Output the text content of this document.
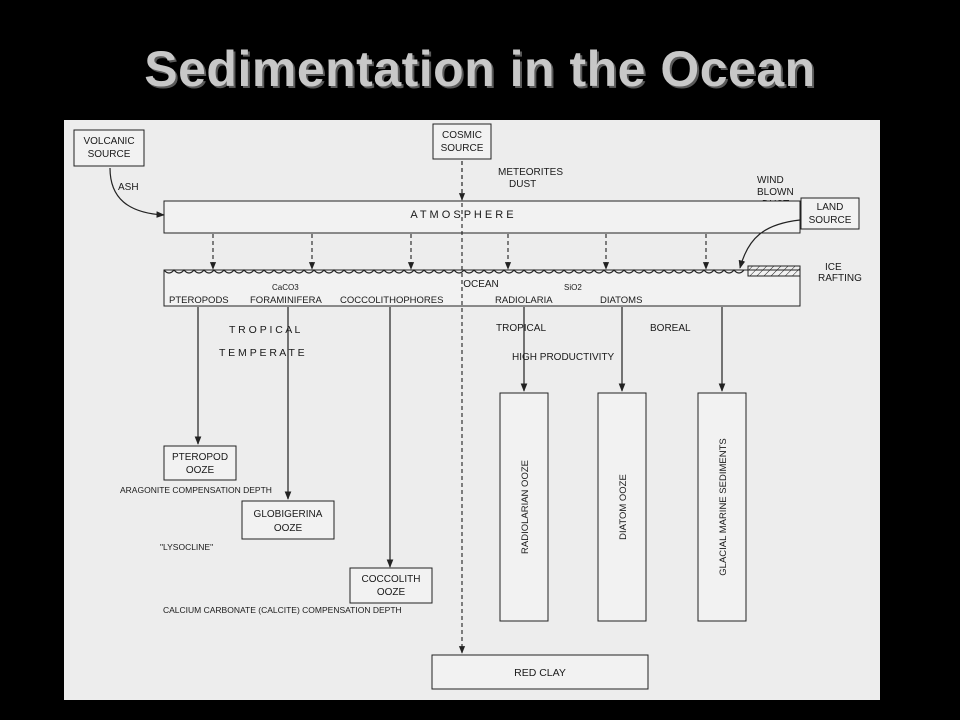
Sedimentation in the Ocean
VOLCANIC
SOURCE
COSMIC
SOURCE
LAND
SOURCE
ASH
METEORITES
DUST	WIND
BLOWN
ICE
RAFTING
A T M O S P H E R E
OCEAN
CaCO3	SiO2
PTEROPODS FORAMINIFERA COCCOLITHOPHORES	RADIOLARIA	DIATOMS
T R O P I C A L
T E M P E R A T E
TROPICAL	BOREAL
HIGH PRODUCTIVITY
PTEROPOD
OOZE
ARAGONITE COMPENSATION DEPTH
GLOBIGERINA
OOZE
"LYSOCLINE"
COCCOLITH
OOZE
CALCIUM CARBONATE (CALCITE) COMPENSATION DEPTH
RADIOLARIAN OOZE	DIATOM OOZE	GLACIAL MARINE SEDIMENTS
RED CLAY
